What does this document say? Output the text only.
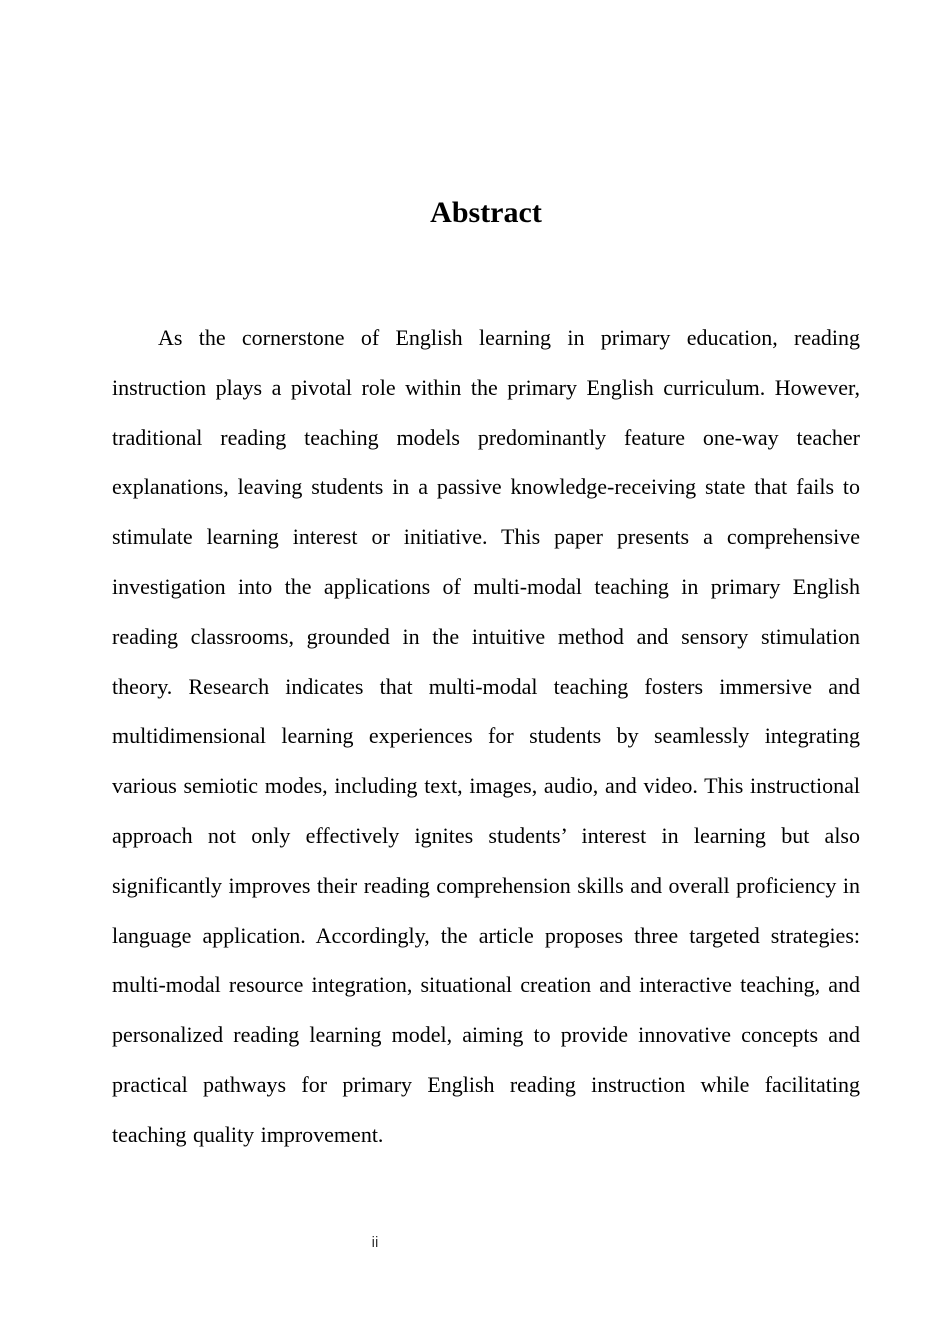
Abstract

As the cornerstone of English learning in primary education, reading instruction plays a pivotal role within the primary English curriculum. However, traditional reading teaching models predominantly feature one-way teacher explanations, leaving students in a passive knowledge-receiving state that fails to stimulate learning interest or initiative. This paper presents a comprehensive investigation into the applications of multi-modal teaching in primary English reading classrooms, grounded in the intuitive method and sensory stimulation theory. Research indicates that multi-modal teaching fosters immersive and multidimensional learning experiences for students by seamlessly integrating various semiotic modes, including text, images, audio, and video. This instructional approach not only effectively ignites students’ interest in learning but also significantly improves their reading comprehension skills and overall proficiency in language application. Accordingly, the article proposes three targeted strategies: multi-modal resource integration, situational creation and interactive teaching, and personalized reading learning model, aiming to provide innovative concepts and practical pathways for primary English reading instruction while facilitating teaching quality improvement.

ii
